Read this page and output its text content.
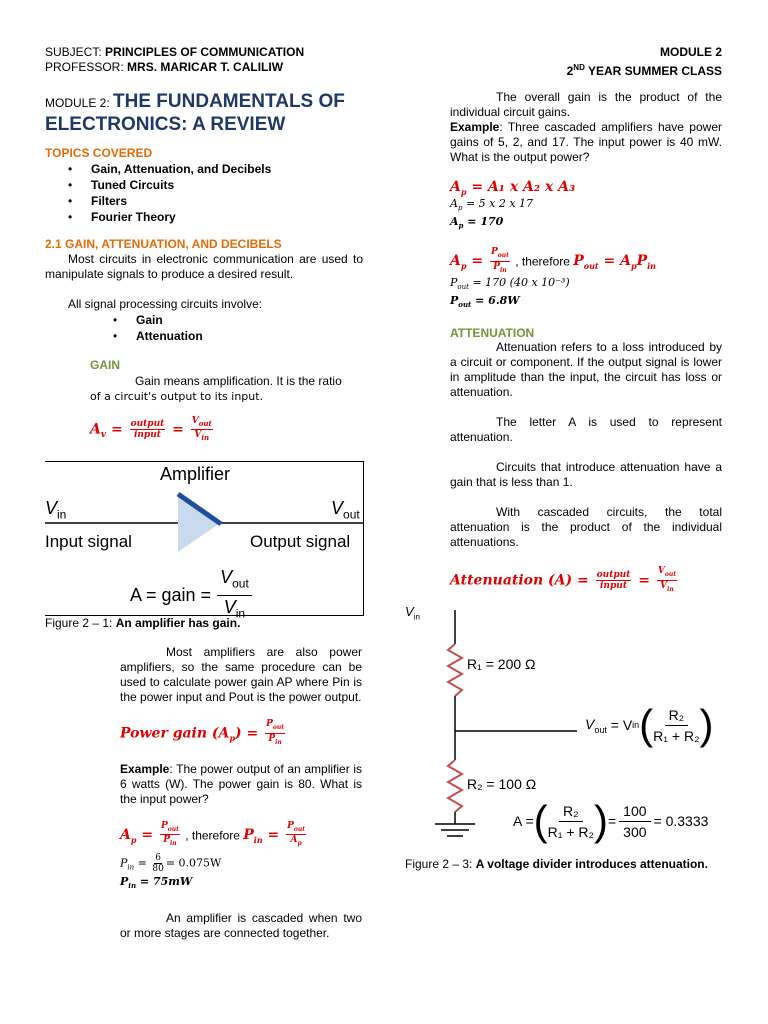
SUBJECT: PRINCIPLES OF COMMUNICATION
PROFESSOR: MRS. MARICAR T. CALILIW
MODULE 2
2ND YEAR SUMMER CLASS
MODULE 2: THE FUNDAMENTALS OF
ELECTRONICS: A REVIEW
TOPICS COVERED
• Gain, Attenuation, and Decibels
• Tuned Circuits
• Filters
• Fourier Theory
2.1 GAIN, ATTENUATION, AND DECIBELS

Most circuits in electronic communication are used to manipulate signals to produce a desired result.

All signal processing circuits involve:

• Gain
• Attenuation
GAIN

Gain means amplification. It is the ratio

of a circuit's output to its input.

$A_v = \frac{\text{output}}{\text{input}} = \frac{V_{out}}{V_{in}}$
Amplifier
$V_{in}$	$V_{out}$
Input signal	Output signal
A = gain =
$V_{out}$
$V_{in}$
Figure 2 – 1: An amplifier has gain.

Most amplifiers are also power amplifiers, so the same procedure can be used to calculate power gain AP where Pin is the power input and Pout is the power output.

Power gain $(A_p) = \frac{P_{out}}{P_{in}}$

Example: The power output of an amplifier is 6 watts (W). The power gain is 80. What is the input power?

$A_p = \frac{P_{out}}{P_{in}}$ , therefore $P_{in} = \frac{P_{out}}{A_p}$
$P_{in} = \frac{6}{80} = 0.075W$
$P_{in} = 75mW$

An amplifier is cascaded when two or more stages are connected together.

The overall gain is the product of the individual circuit gains.

Example: Three cascaded amplifiers have power gains of 5, 2, and 17. The input power is 40 mW. What is the output power?

$A_p = A_1$ x A₂ x A₃
$A_p = 5$ x 2 x 17
$A_p = 170$
$A_p = \frac{P_{out}}{P_{in}}$ , therefore $P_{out} = A_pP_{in}$
$P_{out} = 170$ (40 x 10⁻³)
$P_{out} = 6.8W$
ATTENUATION

Attenuation refers to a loss introduced by a circuit or component. If the output signal is lower in amplitude than the input, the circuit has loss or attenuation.

The letter A is used to represent attenuation.

Circuits that introduce attenuation have a gain that is less than 1.

With cascaded circuits, the total attenuation is the product of the individual attenuations.

Attenuation $(A) = \frac{\text{output}}{\text{input}} = \frac{V_{out}}{V_{in}}$
$V_{in}$
R₁ = 200 Ω
R₂ = 100 Ω
$V_{out}$
= V in ( R₂
R₁ + R₂ )
A = ( R₂
R₁ + R₂ ) = $\frac{100}{300} = 0.3333$
Figure 2 – 3: A voltage divider introduces attenuation.
